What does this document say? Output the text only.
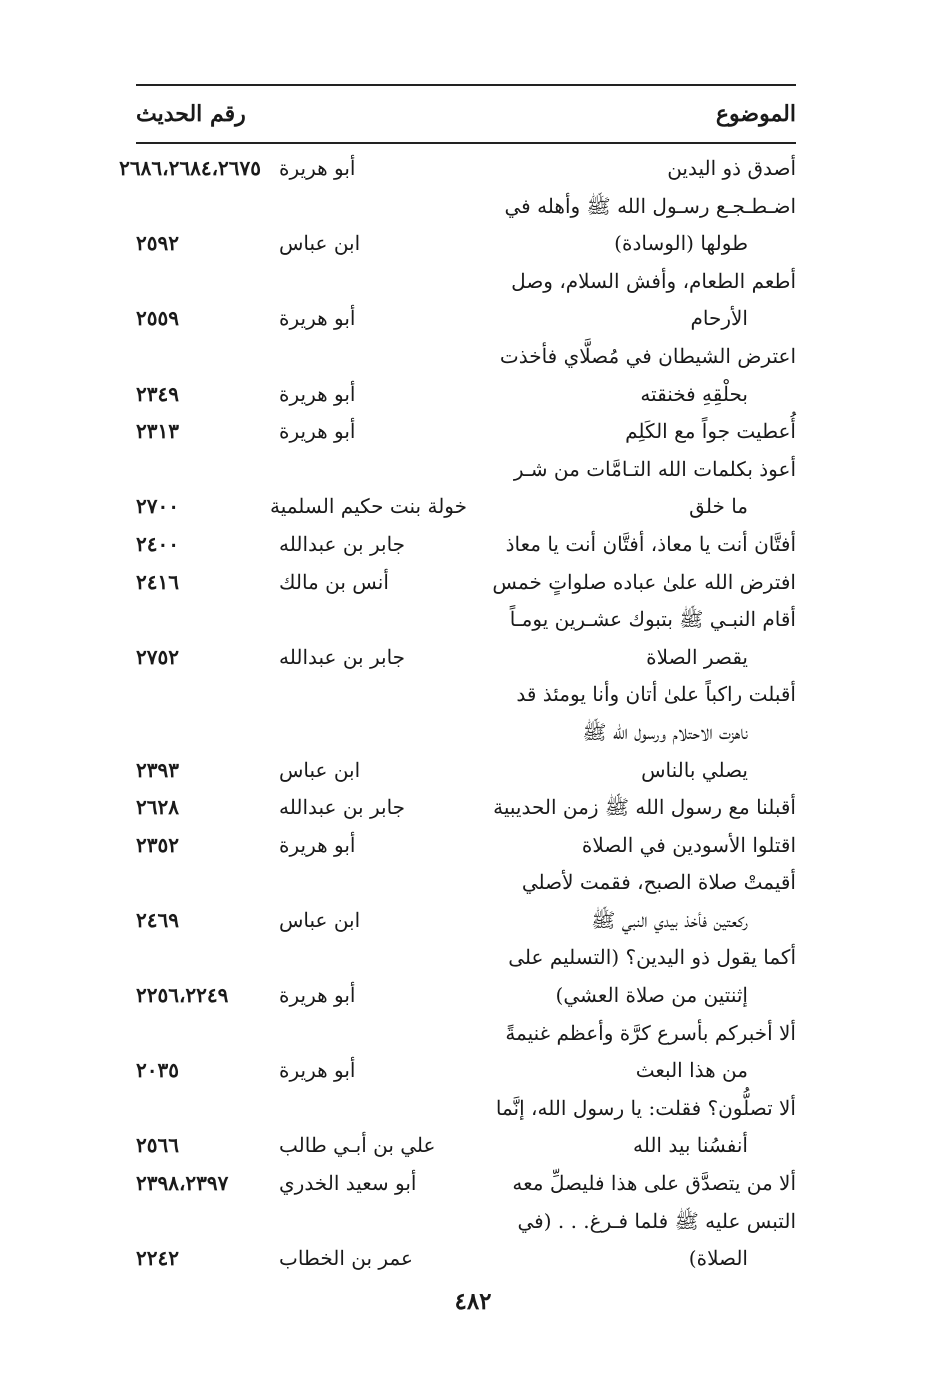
الموضوع
رقم الحديث
أصدق ذو اليدين
أبو هريرة
٢٦٨٦،٢٦٨٤،٢٦٧٥
اضـطـجـع رسـول الله ﷺ وأهله في
طولها (الوسادة)
ابن عباس
٢٥٩٢
أطعم الطعام، وأفش السلام، وصل
الأرحام
أبو هريرة
٢٥٥٩
اعترض الشيطان في مُصلَّاي فأخذت
بحلْقِهِ فخنقته
أبو هريرة
٢٣٤٩
أُعطيت جواً مع الكَلِم
أبو هريرة
٢٣١٣
أعوذ بكلمات الله التـامَّات من شـر
ما خلق
خولة بنت حكيم السلمية
٢٧٠٠
أفتَّان أنت يا معاذ، أفتَّان أنت يا معاذ
جابر بن عبدالله
٢٤٠٠
افترض الله علىٰ عباده صلواتٍ خمس
أنس بن مالك
٢٤١٦
أقام النبـي ﷺ بتبوك عشـرين يومـاً
يقصر الصلاة
جابر بن عبدالله
٢٧٥٢
أقبلت راكباً علىٰ أتان وأنا يومئذ قد
ناهزت الاحتلام ورسول الله ﷺ
يصلي بالناس
ابن عباس
٢٣٩٣
أقبلنا مع رسول الله ﷺ زمن الحديبية
جابر بن عبدالله
٢٦٢٨
اقتلوا الأسودين في الصلاة
أبو هريرة
٢٣٥٢
أقيمتْ صلاة الصبح، فقمت لأصلي
ركعتين فأخذ بيدي النبي ﷺ
ابن عباس
٢٤٦٩
أكما يقول ذو اليدين؟ (التسليم على
إثنتين من صلاة العشي)
أبو هريرة
٢٢٥٦،٢٢٤٩
ألا أخبركم بأسرع كرَّة وأعظم غنيمةً
من هذا البعث
أبو هريرة
٢٠٣٥
ألا تصلُّون؟ فقلت: يا رسول الله، إنَّما
أنفسُنا بيد الله
علي بن أبـي طالب
٢٥٦٦
ألا من يتصدَّق على هذا فليصلِّ معه
أبو سعيد الخدري
٢٣٩٨،٢٣٩٧
التبس عليه ﷺ فلما فـرغ. . . (في
الصلاة)
عمر بن الخطاب
٢٢٤٢
٤٨٢
